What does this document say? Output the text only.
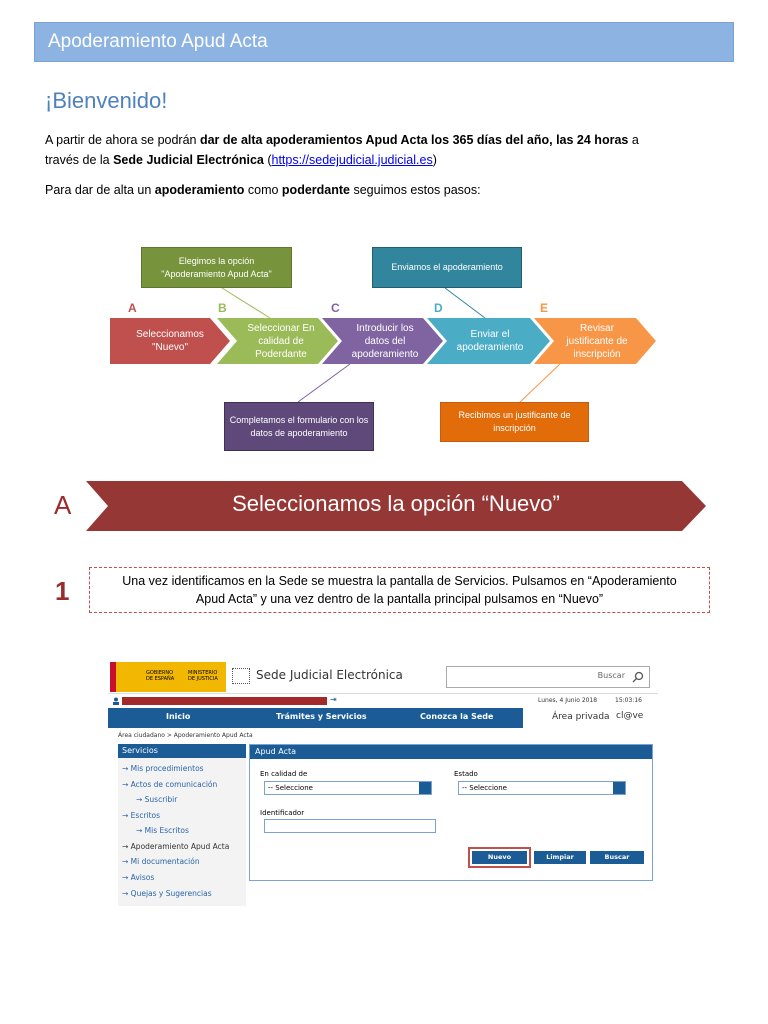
Apoderamiento Apud Acta
¡Bienvenido!
A partir de ahora se podrán dar de alta apoderamientos Apud Acta los 365 días del año, las 24 horas a
través de la Sede Judicial Electrónica (https://sedejudicial.judicial.es)
Para dar de alta un apoderamiento como poderdante seguimos estos pasos:
A	B	C	D	E
Seleccionamos "Nuevo"
Seleccionar En calidad de Poderdante
Introducir los datos del apoderamiento
Enviar el apoderamiento
Revisar justificante de inscripción
Elegimos la opción "Apoderamiento Apud Acta"
Enviamos el apoderamiento
Completamos el formulario con los datos de apoderamiento
Recibimos un justificante de inscripción
A	Seleccionamos la opción “Nuevo”
1	Una vez identificamos en la Sede se muestra la pantalla de Servicios. Pulsamos en “Apoderamiento
Apud Acta” y una vez dentro de la pantalla principal pulsamos en “Nuevo”
GOBIERNO DE ESPAÑA
MINISTERIO DE JUSTICIA	Sede Judicial Electrónica	Buscar
⇥	Lunes, 4 Junio 2018	15:03:16
Inicio	Trámites y Servicios	Conozca la Sede	Área privada cl@ve
Área ciudadano > Apoderamiento Apud Acta
Servicios
→ Mis procedimientos
→ Actos de comunicación
→ Suscribir
→ Escritos
→ Mis Escritos
→ Apoderamiento Apud Acta
→ Mi documentación
→ Avisos
→ Quejas y Sugerencias
Apud Acta
En calidad de
-- Seleccione
Estado
-- Seleccione
Identificador
Nuevo	Limpiar	Buscar
